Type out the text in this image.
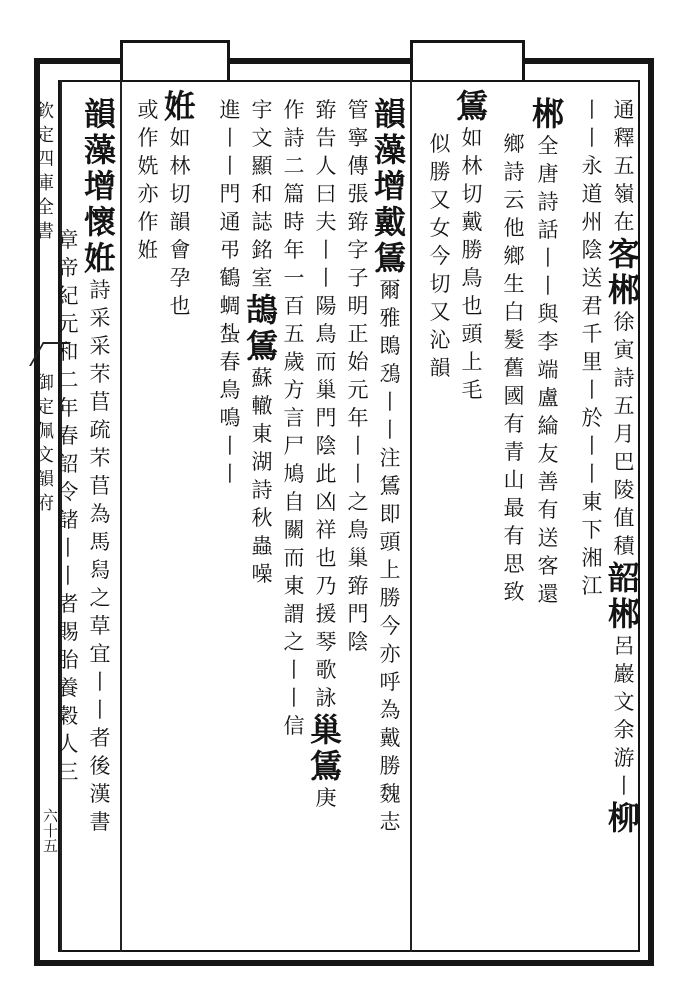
欽
定
四
庫
全
書
御
定
佩
文
韻
府
六十五
通
釋
五
嶺
在
客
郴
徐
寅
詩
五
月
巴
陵
值
積
韶
郴
呂
巖
文
余
游
丨
柳
丨
丨
永
道
州
陰
送
君
千
里
丨
於
丨
丨
東
下
湘
江
郴
全
唐
詩
話
丨
丨
與
李
端
盧
綸
友
善
有
送
客
還
鄉
詩
云
他
鄉
生
白
髮
舊
國
有
青
山
最
有
思
致
鵀
如
林
切
戴
勝
鳥
也
頭
上
毛
似
勝
又
女
今
切
又
沁
韻
韻
藻
增
戴
鵀
爾
雅
鵖
鴔
丨
丨
注
鵀
即
頭
上
勝
今
亦
呼
為
戴
勝
魏
志
管
寧
傳
張
臶
字
子
明
正
始
元
年
丨
丨
之
鳥
巢
臶
門
陰
臶
告
人
曰
夫
丨
丨
陽
鳥
而
巢
門
陰
此
凶
祥
也
乃
援
琴
歌
詠
巢
鵀
庚
作
詩
二
篇
時
年
一
百
五
歲
方
言
尸
鳩
自
關
而
東
謂
之
丨
丨
信
宇
文
顯
和
誌
銘
室
鴶
鵀
蘇
轍
東
湖
詩
秋
蟲
噪
進
丨
丨
門
通
弔
鶴
蜩
蚻
春
鳥
鳴
丨
丨
姙
如
林
切
韻
會
孕
也
或
作
姺
亦
作
姙
韻
藻
增
懷
姙
詩
采
采
芣
苢
疏
芣
苢
為
馬
舄
之
草
宜
丨
丨
者
後
漢
書
章
帝
紀
元
和
二
年
春
詔
令
諸
丨
丨
者
賜
胎
養
穀
人
三
